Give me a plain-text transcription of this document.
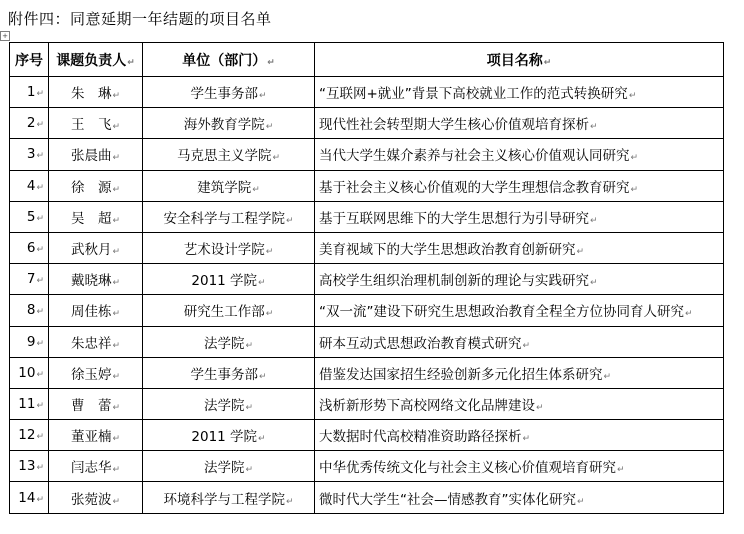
附件四：同意延期一年结题的项目名单
+
序号	课题负责人↵	单位（部门）↵	项目名称↵
1↵	朱　琳↵	学生事务部↵	“互联网+就业”背景下高校就业工作的范式转换研究↵
2↵	王　飞↵	海外教育学院↵	现代性社会转型期大学生核心价值观培育探析↵
3↵	张晨曲↵	马克思主义学院↵	当代大学生媒介素养与社会主义核心价值观认同研究↵
4↵	徐　源↵	建筑学院↵	基于社会主义核心价值观的大学生理想信念教育研究↵
5↵	吴　超↵	安全科学与工程学院↵	基于互联网思维下的大学生思想行为引导研究↵
6↵	武秋月↵	艺术设计学院↵	美育视域下的大学生思想政治教育创新研究↵
7↵	戴晓琳↵	2011 学院↵	高校学生组织治理机制创新的理论与实践研究↵
8↵	周佳栋↵	研究生工作部↵	“双一流”建设下研究生思想政治教育全程全方位协同育人研究↵
9↵	朱忠祥↵	法学院↵	研本互动式思想政治教育模式研究↵
10↵	徐玉婷↵	学生事务部↵	借鉴发达国家招生经验创新多元化招生体系研究↵
11↵	曹　蕾↵	法学院↵	浅析新形势下高校网络文化品牌建设↵
12↵	董亚楠↵	2011 学院↵	大数据时代高校精准资助路径探析↵
13↵	闫志华↵	法学院↵	中华优秀传统文化与社会主义核心价值观培育研究↵
14↵	张菀波↵	环境科学与工程学院↵	微时代大学生“社会—情感教育”实体化研究↵
